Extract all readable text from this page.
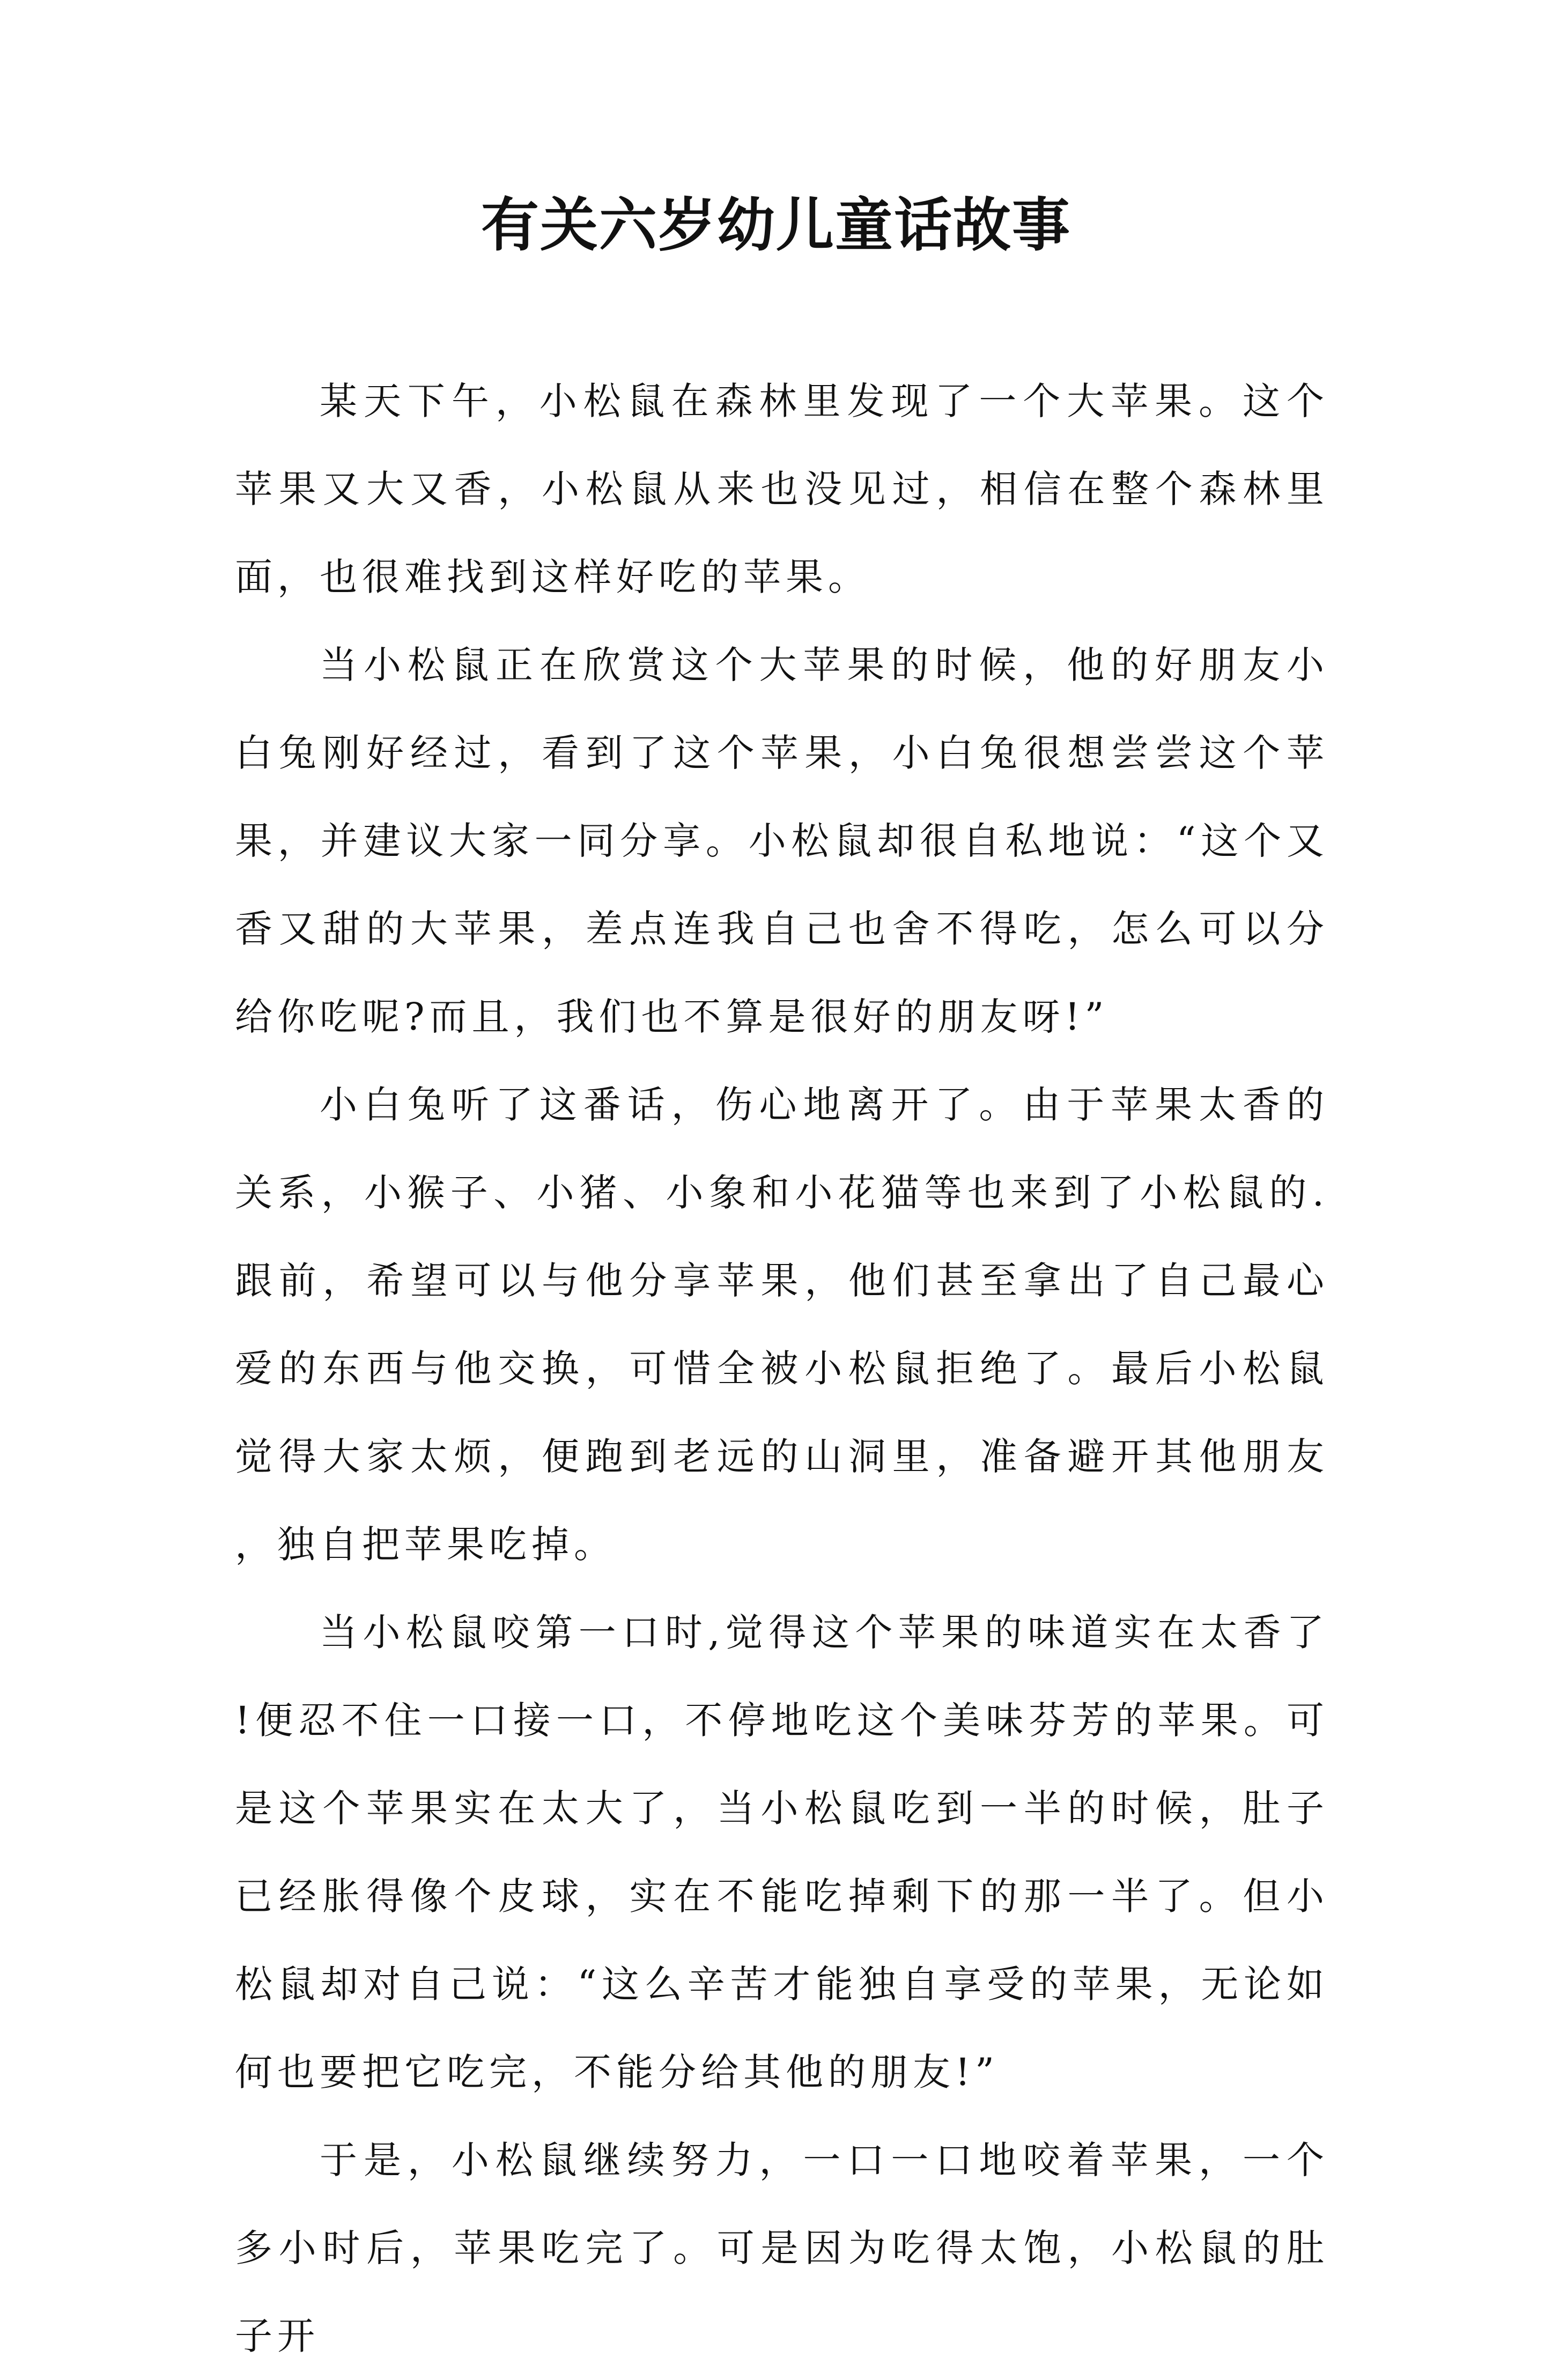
有关六岁幼儿童话故事

某天下午，小松鼠在森林里发现了一个大苹果。这个苹果又大又香，小松鼠从来也没见过，相信在整个森林里面，也很难找到这样好吃的苹果。

当小松鼠正在欣赏这个大苹果的时候，他的好朋友小白兔刚好经过，看到了这个苹果，小白兔很想尝尝这个苹果，并建议大家一同分享。小松鼠却很自私地说：“这个又香又甜的大苹果，差点连我自己也舍不得吃，怎么可以分给你吃呢?而且，我们也不算是很好的朋友呀!”

小白兔听了这番话，伤心地离开了。由于苹果太香的关系，小猴子、小猪、小象和小花猫等也来到了小松鼠的.跟前，希望可以与他分享苹果，他们甚至拿出了自己最心爱的东西与他交换，可惜全被小松鼠拒绝了。最后小松鼠觉得大家太烦，便跑到老远的山洞里，准备避开其他朋友，独自把苹果吃掉。

当小松鼠咬第一口时,觉得这个苹果的味道实在太香了!便忍不住一口接一口，不停地吃这个美味芬芳的苹果。可是这个苹果实在太大了，当小松鼠吃到一半的时候，肚子已经胀得像个皮球，实在不能吃掉剩下的那一半了。但小松鼠却对自己说：“这么辛苦才能独自享受的苹果，无论如何也要把它吃完，不能分给其他的朋友!”

于是，小松鼠继续努力，一口一口地咬着苹果，一个多小时后，苹果吃完了。可是因为吃得太饱，小松鼠的肚子开
